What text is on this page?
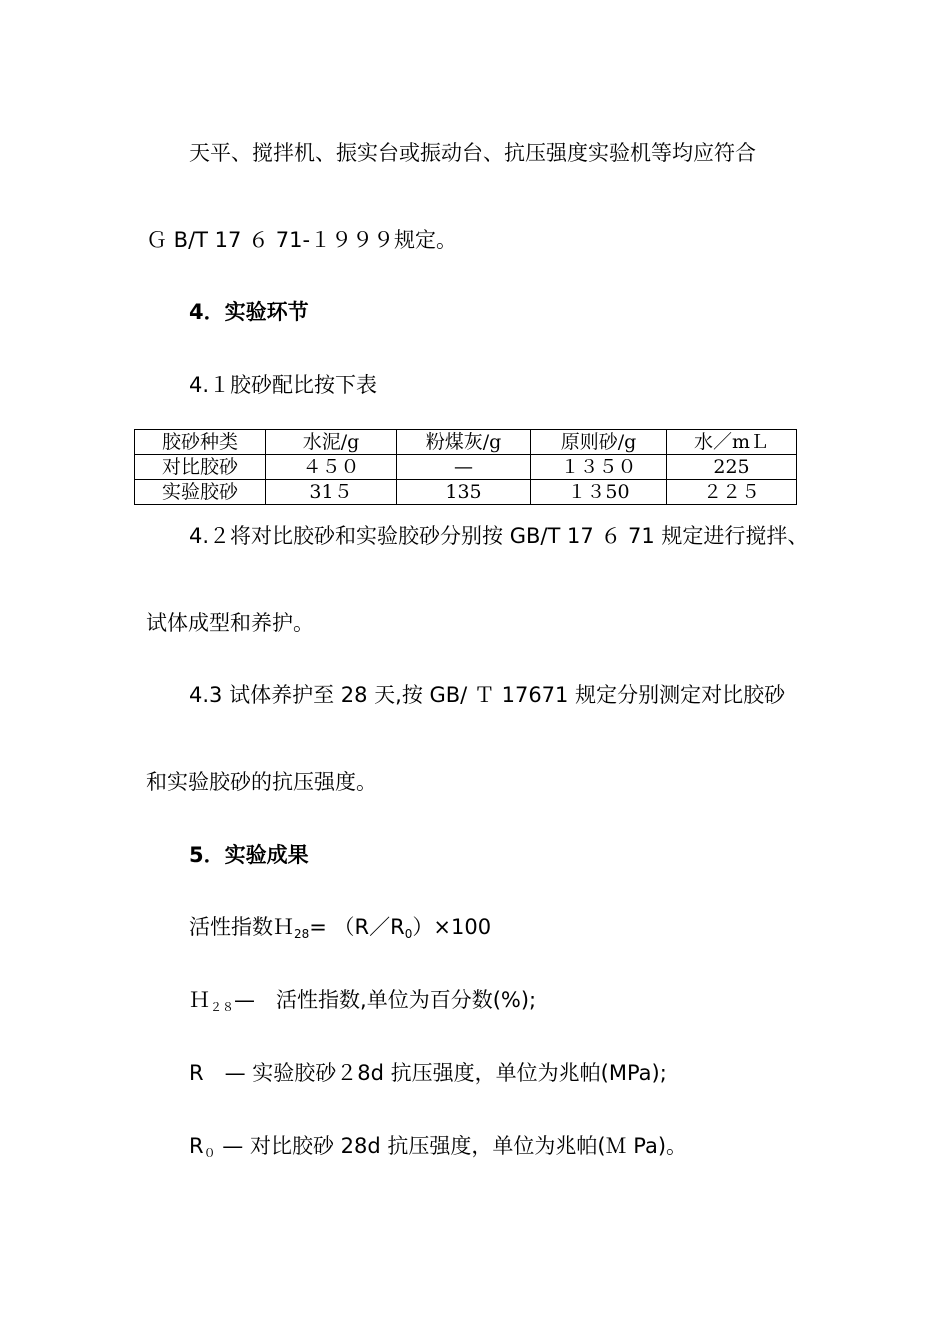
天平、搅拌机、振实台或振动台、抗压强度实验机等均应符合
Ｇ B/T 17 ６ 71-１９９９规定。
4．实验环节
4.１胶砂配比按下表
胶砂种类	水泥/g	粉煤灰/g	原则砂/g	水／mＬ
对比胶砂	４５０	—	１３５０	225
实验胶砂	31５	135	１３50	２２５
4.２将对比胶砂和实验胶砂分别按 GB/T 17 ６ 71 规定进行搅拌、
试体成型和养护。
4.3 试体养护至 28 天,按 GB/ Ｔ 17671 规定分别测定对比胶砂
和实验胶砂的抗压强度。
5．实验成果
活性指数Ｈ$_{28}$= $(R/R_0)\times 100$
Ｈ$_{28}$—　活性指数,单位为百分数(%);
R　— 实验胶砂２8d 抗压强度，单位为兆帕(MPa);
$R_0$ — 对比胶砂 28d 抗压强度，单位为兆帕(Ｍ Pa)。
